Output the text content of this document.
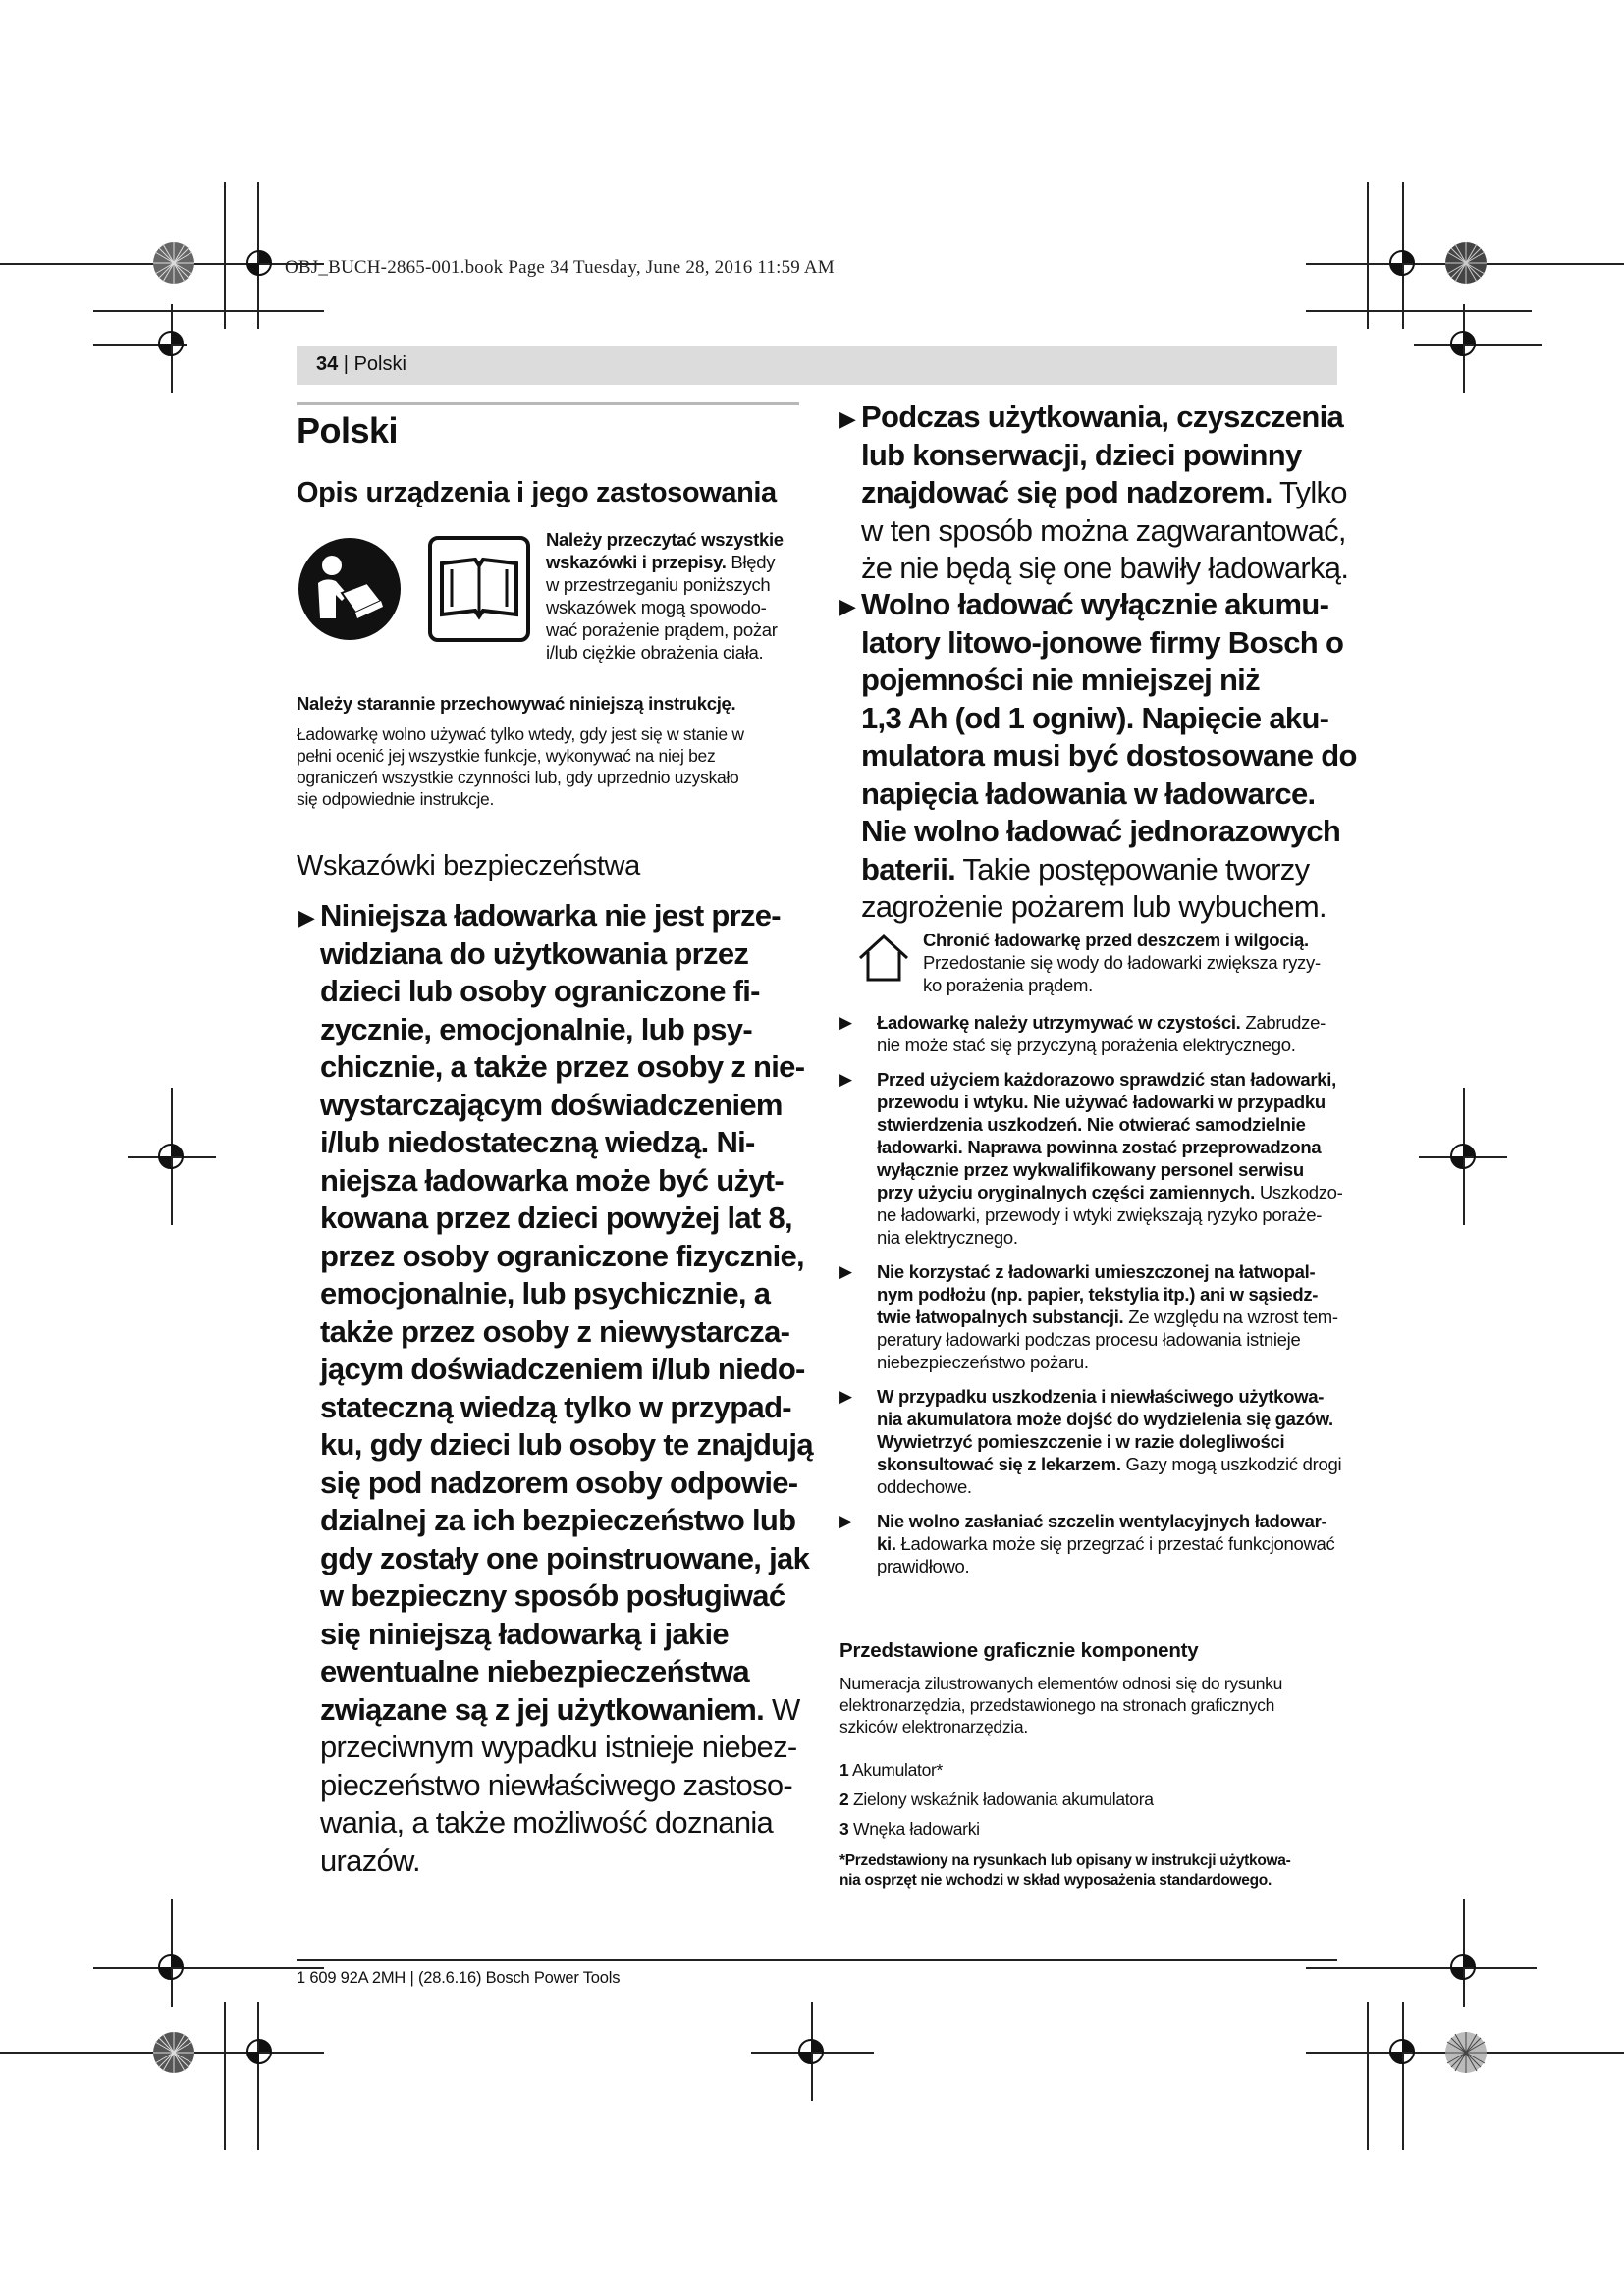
OBJ_BUCH-2865-001.book Page 34 Tuesday, June 28, 2016 11:59 AM
34 | Polski
Polski
Opis urządzenia i jego zastosowania
Należy przeczytać wszystkie
wskazówki i przepisy. Błędy
w przestrzeganiu poniższych
wskazówek mogą spowodo-
wać porażenie prądem, pożar
i/lub ciężkie obrażenia ciała.
Należy starannie przechowywać niniejszą instrukcję.
Ładowarkę wolno używać tylko wtedy, gdy jest się w stanie w
pełni ocenić jej wszystkie funkcje, wykonywać na niej bez
ograniczeń wszystkie czynności lub, gdy uprzednio uzyskało
się odpowiednie instrukcje.
Wskazówki bezpieczeństwa
▶ Niniejsza ładowarka nie jest prze-
widziana do użytkowania przez
dzieci lub osoby ograniczone fi-
zycznie, emocjonalnie, lub psy-
chicznie, a także przez osoby z nie-
wystarczającym doświadczeniem
i/lub niedostateczną wiedzą. Ni-
niejsza ładowarka może być użyt-
kowana przez dzieci powyżej lat 8,
przez osoby ograniczone fizycznie,
emocjonalnie, lub psychicznie, a
także przez osoby z niewystarcza-
jącym doświadczeniem i/lub niedo-
stateczną wiedzą tylko w przypad-
ku, gdy dzieci lub osoby te znajdują
się pod nadzorem osoby odpowie-
dzialnej za ich bezpieczeństwo lub
gdy zostały one poinstruowane, jak
w bezpieczny sposób posługiwać
się niniejszą ładowarką i jakie
ewentualne niebezpieczeństwa
związane są z jej użytkowaniem. W
przeciwnym wypadku istnieje niebez-
pieczeństwo niewłaściwego zastoso-
wania, a także możliwość doznania
urazów.
▶ Podczas użytkowania, czyszczenia
lub konserwacji, dzieci powinny
znajdować się pod nadzorem. Tylko
w ten sposób można zagwarantować,
że nie będą się one bawiły ładowarką.
▶ Wolno ładować wyłącznie akumu-
latory litowo-jonowe firmy Bosch o
pojemności nie mniejszej niż
1,3 Ah (od 1 ogniw). Napięcie aku-
mulatora musi być dostosowane do
napięcia ładowania w ładowarce.
Nie wolno ładować jednorazowych
baterii. Takie postępowanie tworzy
zagrożenie pożarem lub wybuchem.
Chronić ładowarkę przed deszczem i wilgocią.
Przedostanie się wody do ładowarki zwiększa ryzy-
ko porażenia prądem.
▶ Ładowarkę należy utrzymywać w czystości. Zabrudze-
nie może stać się przyczyną porażenia elektrycznego.
▶ Przed użyciem każdorazowo sprawdzić stan ładowarki,
przewodu i wtyku. Nie używać ładowarki w przypadku
stwierdzenia uszkodzeń. Nie otwierać samodzielnie
ładowarki. Naprawa powinna zostać przeprowadzona
wyłącznie przez wykwalifikowany personel serwisu
przy użyciu oryginalnych części zamiennych. Uszkodzo-
ne ładowarki, przewody i wtyki zwiększają ryzyko poraże-
nia elektrycznego.
▶ Nie korzystać z ładowarki umieszczonej na łatwopal-
nym podłożu (np. papier, tekstylia itp.) ani w sąsiedz-
twie łatwopalnych substancji. Ze względu na wzrost tem-
peratury ładowarki podczas procesu ładowania istnieje
niebezpieczeństwo pożaru.
▶ W przypadku uszkodzenia i niewłaściwego użytkowa-
nia akumulatora może dojść do wydzielenia się gazów.
Wywietrzyć pomieszczenie i w razie dolegliwości
skonsultować się z lekarzem. Gazy mogą uszkodzić drogi
oddechowe.
▶ Nie wolno zasłaniać szczelin wentylacyjnych ładowar-
ki. Ładowarka może się przegrzać i przestać funkcjonować
prawidłowo.
Przedstawione graficznie komponenty
Numeracja zilustrowanych elementów odnosi się do rysunku
elektronarzędzia, przedstawionego na stronach graficznych
szkiców elektronarzędzia.
1 Akumulator*
2 Zielony wskaźnik ładowania akumulatora
3 Wnęka ładowarki
*Przedstawiony na rysunkach lub opisany w instrukcji użytkowa-
nia osprzęt nie wchodzi w skład wyposażenia standardowego.
1 609 92A 2MH | (28.6.16) Bosch Power Tools
